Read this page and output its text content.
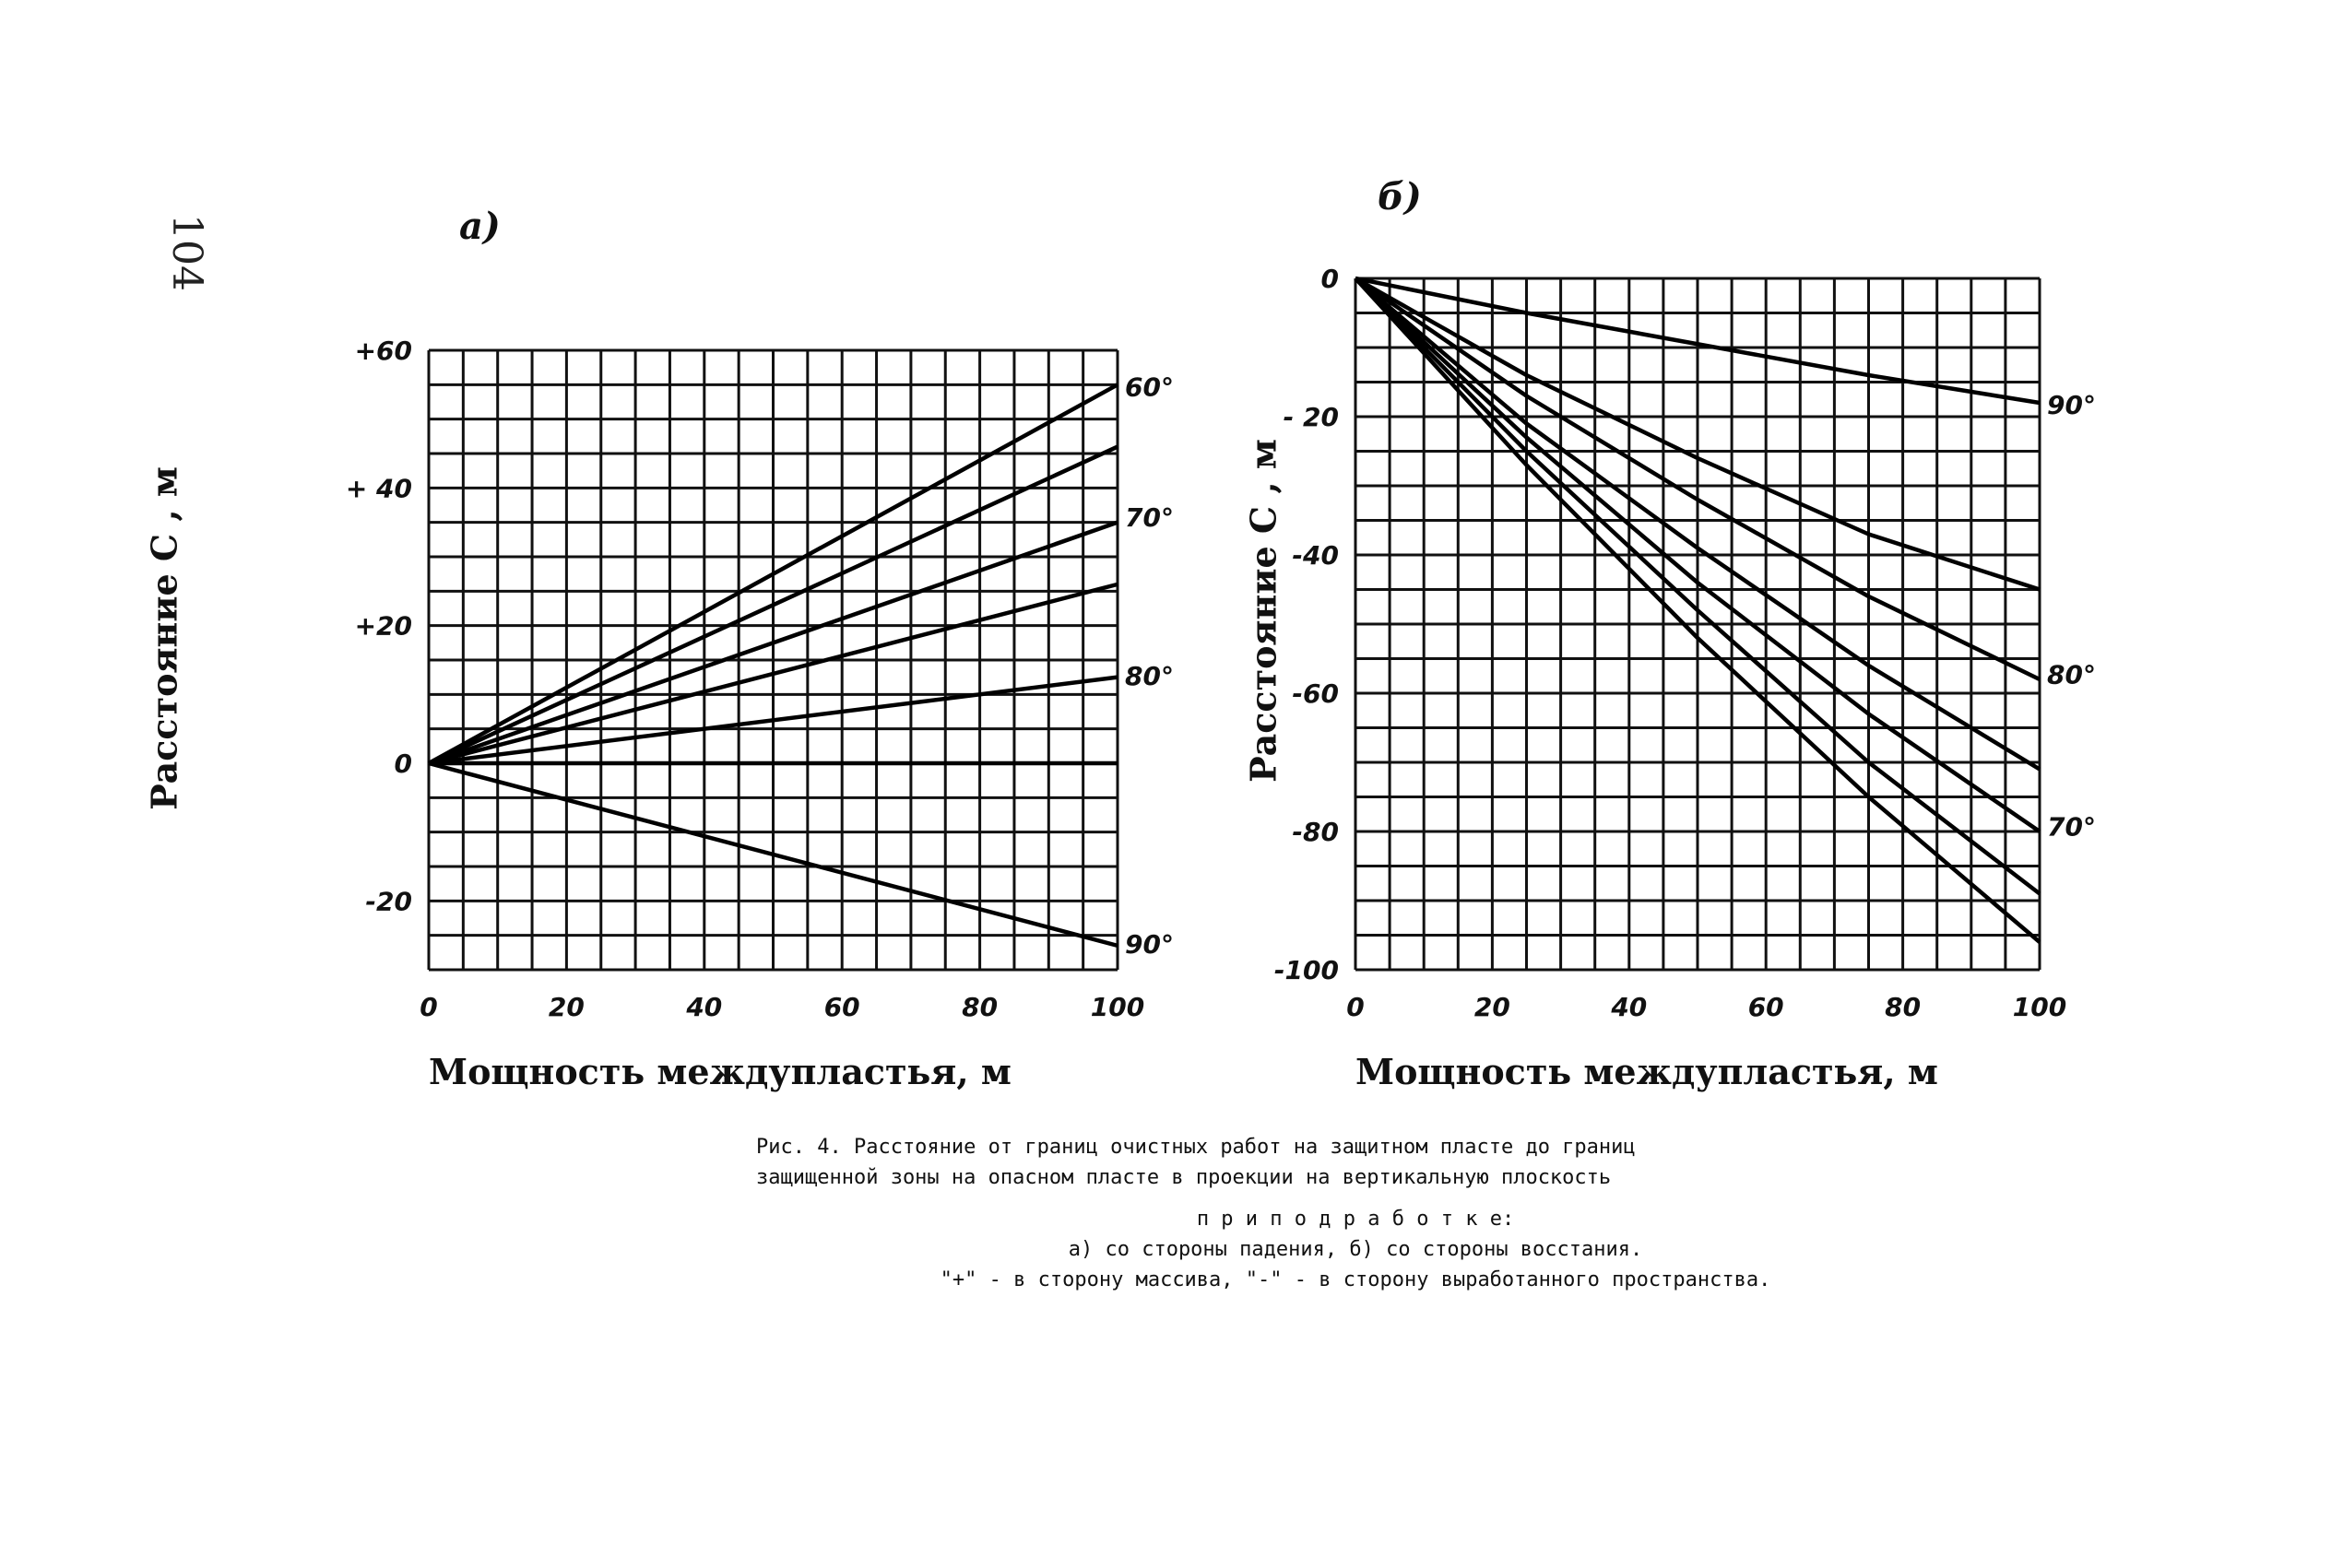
104	а)
Расстояние С , м
Мощность междупластья, м
0	20	40	60	80	100
+60
+ 40
+20
0
-20
60°
70°
80°
90°
б)
Расстояние С , м
Мощность междупластья, м
0	20	40	60	80	100
0
- 20
-40
-60
-80
-100
90°
80°
70°
Рис. 4. Расстояние от границ очистных работ на защитном пласте до границ
защищенной зоны на опасном пласте в проекции на вертикальную плоскость
п р и п о д р а б о т к е:
а) со стороны падения, б) со стороны восстания.
"+" - в сторону массива, "-" - в сторону выработанного пространства.
